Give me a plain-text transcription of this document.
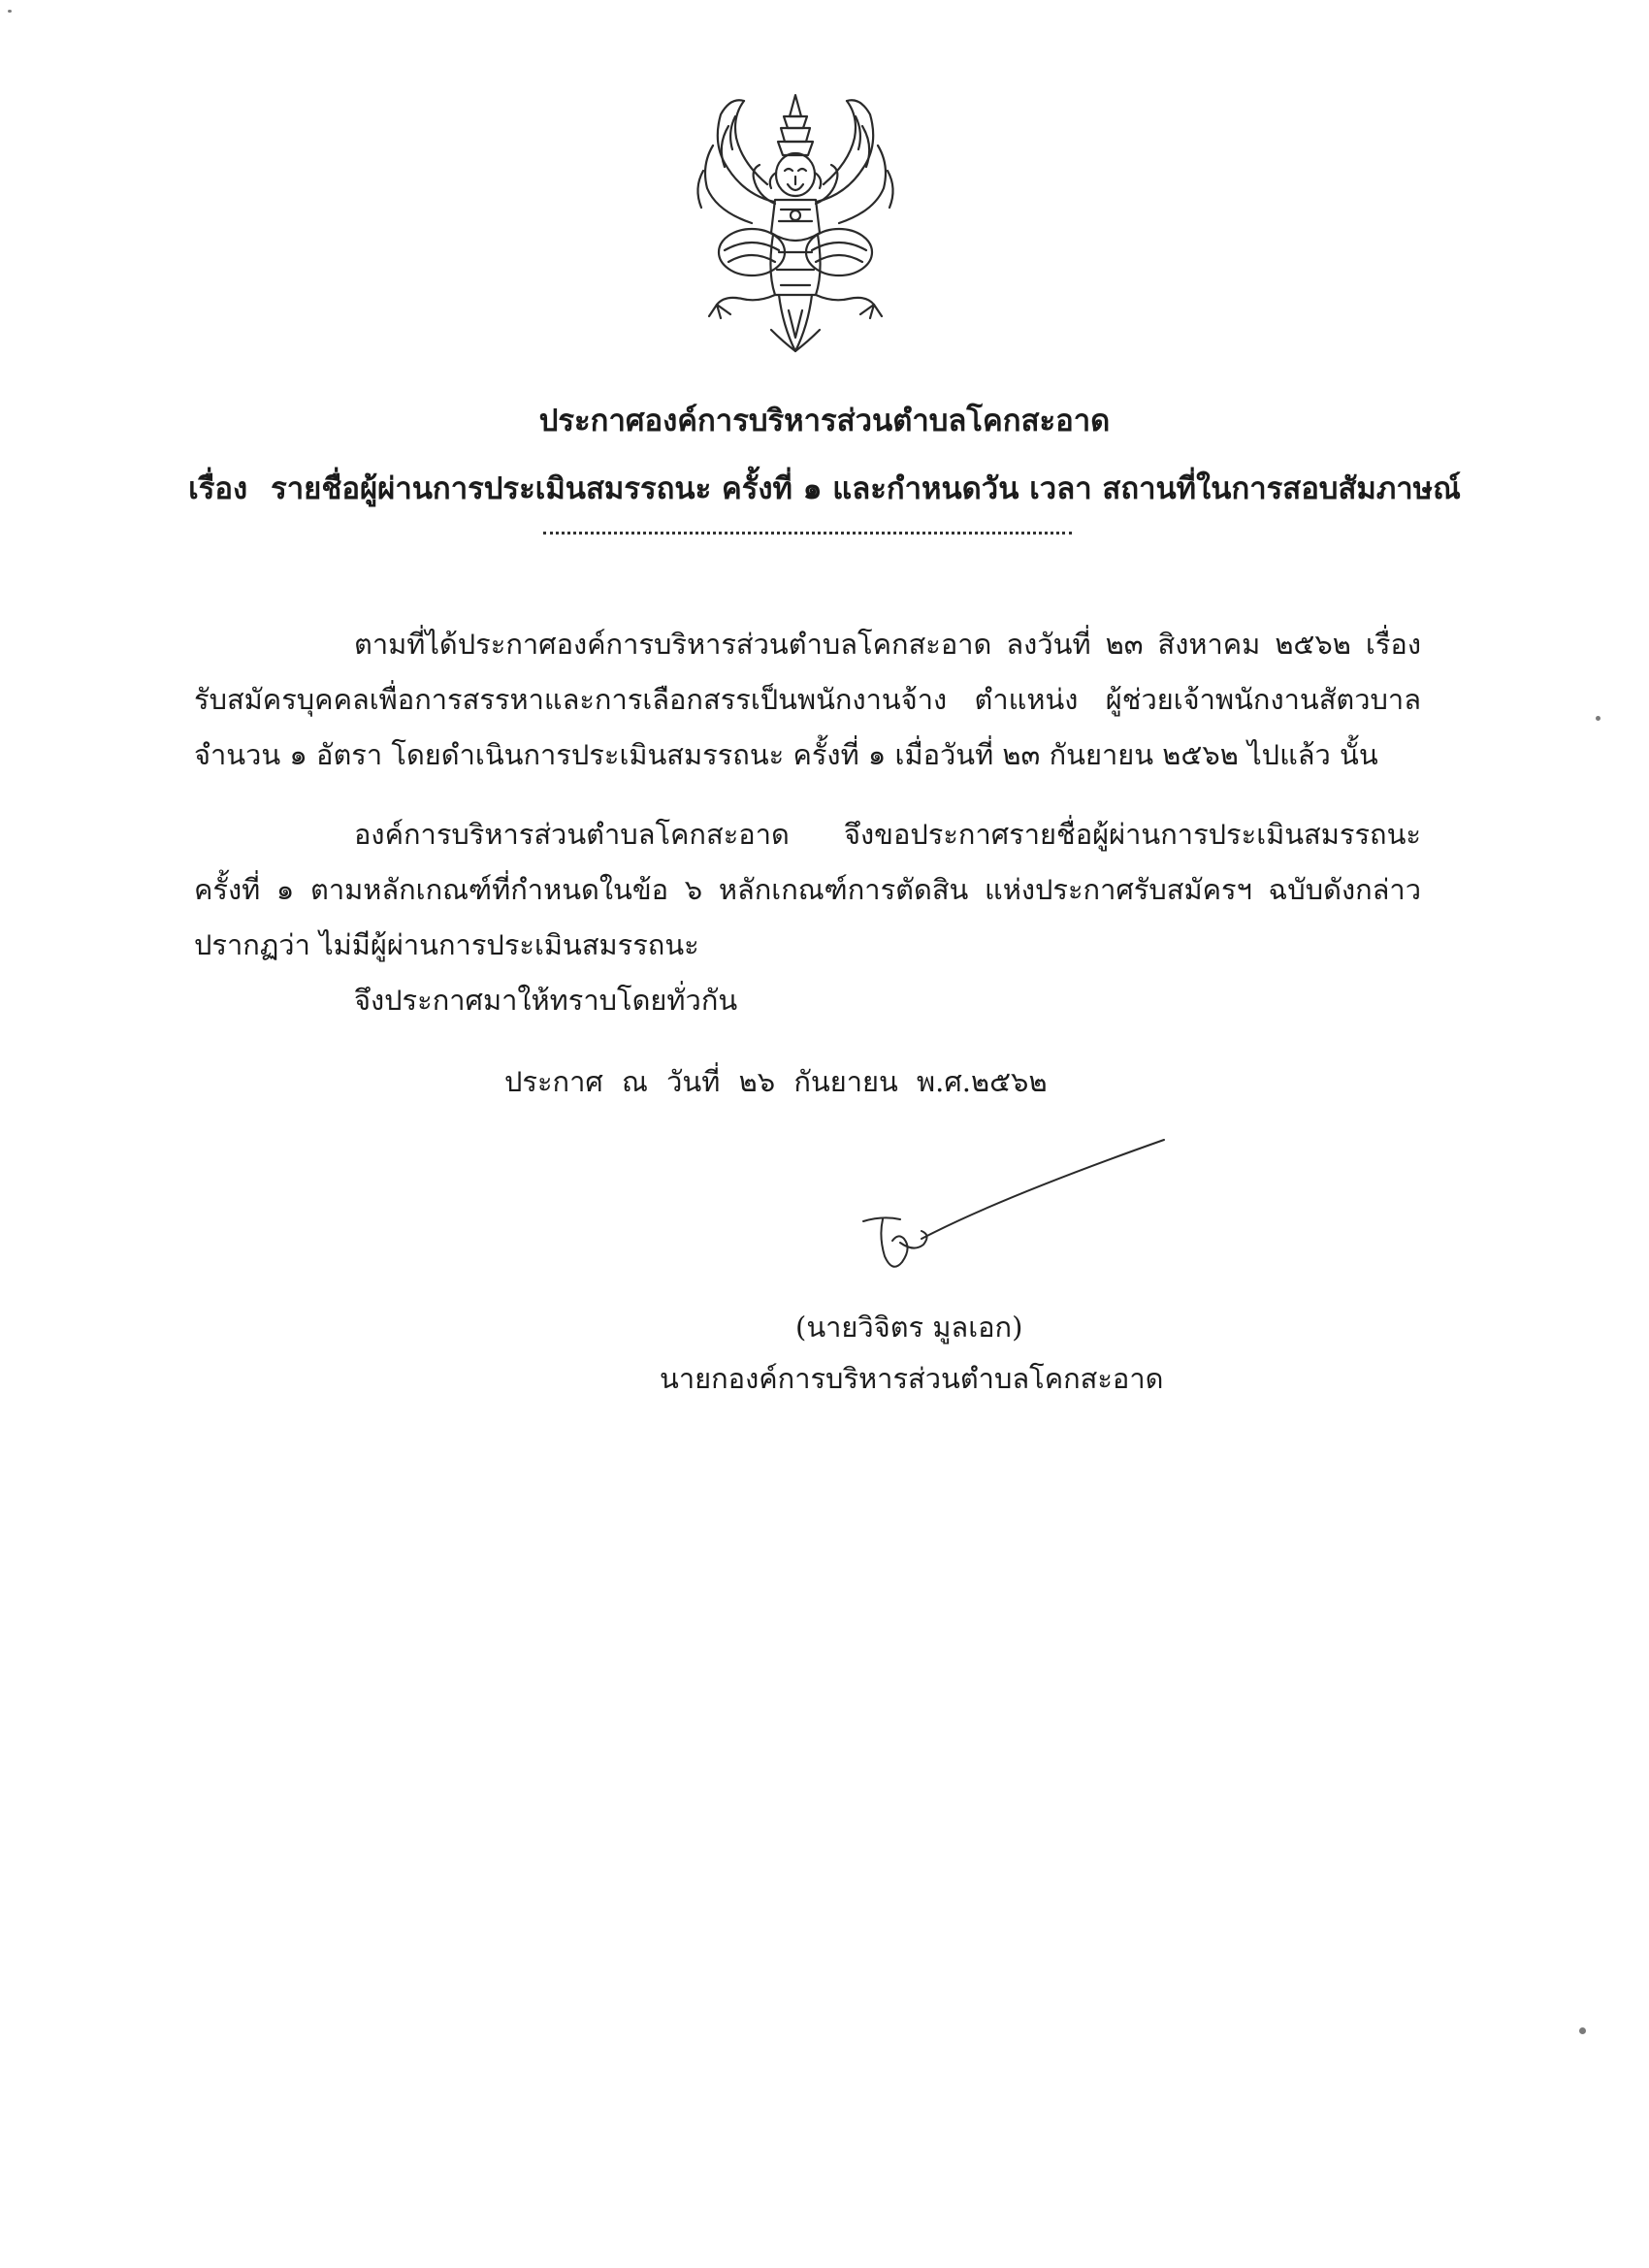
ประกาศองค์การบริหารส่วนตำบลโคกสะอาด
เรื่อง รายชื่อผู้ผ่านการประเมินสมรรถนะ ครั้งที่ ๑ และกำหนดวัน เวลา สถานที่ในการสอบสัมภาษณ์
ตามที่ได้ประกาศองค์การบริหารส่วนตำบลโคกสะอาด ลงวันที่ ๒๓ สิงหาคม ๒๕๖๒ เรื่อง รับสมัครบุคคลเพื่อการสรรหาและการเลือกสรรเป็นพนักงานจ้าง ตำแหน่ง ผู้ช่วยเจ้าพนักงานสัตวบาล จำนวน ๑ อัตรา โดยดำเนินการประเมินสมรรถนะ ครั้งที่ ๑ เมื่อวันที่ ๒๓ กันยายน ๒๕๖๒ ไปแล้ว นั้น
องค์การบริหารส่วนตำบลโคกสะอาด จึงขอประกาศรายชื่อผู้ผ่านการประเมินสมรรถนะ ครั้งที่ ๑ ตามหลักเกณฑ์ที่กำหนดในข้อ ๖ หลักเกณฑ์การตัดสิน แห่งประกาศรับสมัครฯ ฉบับดังกล่าว ปรากฏว่า ไม่มีผู้ผ่านการประเมินสมรรถนะ
จึงประกาศมาให้ทราบโดยทั่วกัน
ประกาศ ณ วันที่ ๒๖ กันยายน พ.ศ.๒๕๖๒
(นายวิจิตร มูลเอก)
นายกองค์การบริหารส่วนตำบลโคกสะอาด
